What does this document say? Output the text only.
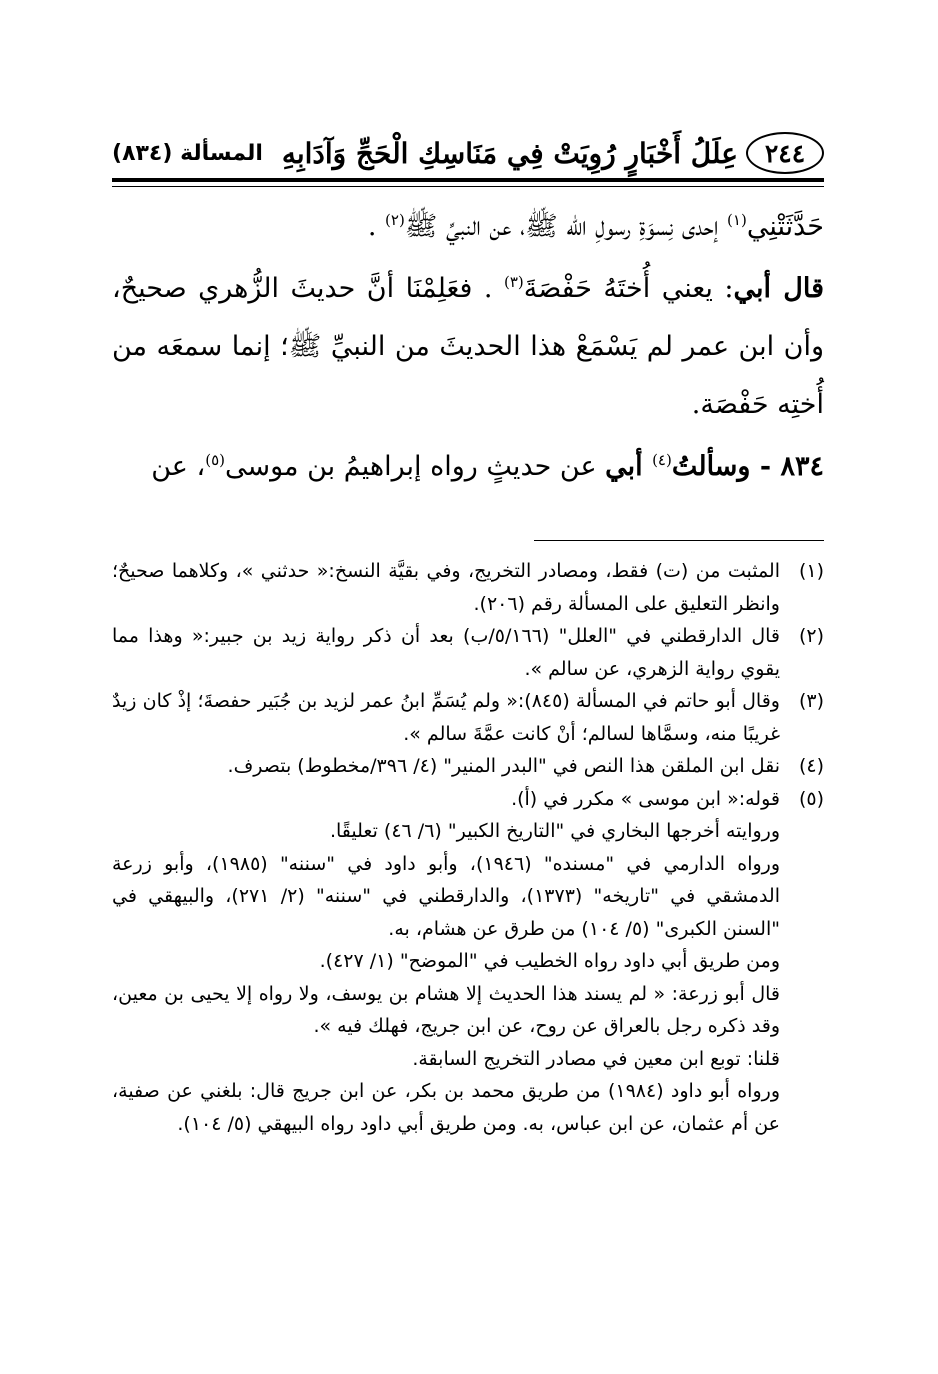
٢٤٤
عِلَلُ أَخْبَارٍ رُوِيَتْ فِي مَنَاسِكِ الْحَجِّ وَآدَابِهِ
المسألة (٨٣٤)

حَدَّثَتْنِي$^{(١)}$ إحدى نِسوَةِ رسولِ الله ﷺ، عن النبيِّ ﷺ$^{(٢)}$ .

قال أبي: يعني أُختَهُ حَفْصَةَ$^{(٣)}$ . فعَلِمْنَا أنَّ حديثَ الزُّهري صحيحٌ، وأن ابن عمر لم يَسْمَعْ هذا الحديثَ من النبيِّ ﷺ؛ إنما سمعَه من أُختِه حَفْصَة.

٨٣٤ - وسألتُ$^{(٤)}$ أبي عن حديثٍ رواه إبراهيمُ بن موسى$^{(٥)}$، عن

(١)
المثبت من (ت) فقط، ومصادر التخريج، وفي بقيَّة النسخ:« حدثني »، وكلاهما صحيحٌ؛ وانظر التعليق على المسألة رقم (٢٠٦).
(٢)
قال الدارقطني في "العلل" (٥/١٦٦/ب) بعد أن ذكر رواية زيد بن جبير:« وهذا مما يقوي رواية الزهري، عن سالم ».
(٣)
وقال أبو حاتم في المسألة (٨٤٥):« ولم يُسَمِّ ابنُ عمر لزيد بن جُبَير حفصةَ؛ إذْ كان زيدٌ غريبًا منه، وسمَّاها لسالم؛ أنْ كانت عمَّةَ سالم ».
(٤)
نقل ابن الملقن هذا النص في "البدر المنير" (٤/ ٣٩٦/مخطوط) بتصرف.
(٥)
قوله:« ابن موسى » مكرر في (أ).
وروايته أخرجها البخاري في "التاريخ الكبير" (٦/ ٤٦) تعليقًا.
ورواه الدارمي في "مسنده" (١٩٤٦)، وأبو داود في "سننه" (١٩٨٥)، وأبو زرعة الدمشقي في "تاريخه" (١٣٧٣)، والدارقطني في "سننه" (٢/ ٢٧١)، والبيهقي في "السنن الكبرى" (٥/ ١٠٤) من طرق عن هشام، به.
ومن طريق أبي داود رواه الخطيب في "الموضح" (١/ ٤٢٧).
قال أبو زرعة: « لم يسند هذا الحديث إلا هشام بن يوسف، ولا رواه إلا يحيى بن معين، وقد ذكره رجل بالعراق عن روح، عن ابن جريج، فهلك فيه ».
قلنا: توبع ابن معين في مصادر التخريج السابقة.
ورواه أبو داود (١٩٨٤) من طريق محمد بن بكر، عن ابن جريج قال: بلغني عن صفية، عن أم عثمان، عن ابن عباس، به. ومن طريق أبي داود رواه البيهقي (٥/ ١٠٤).
